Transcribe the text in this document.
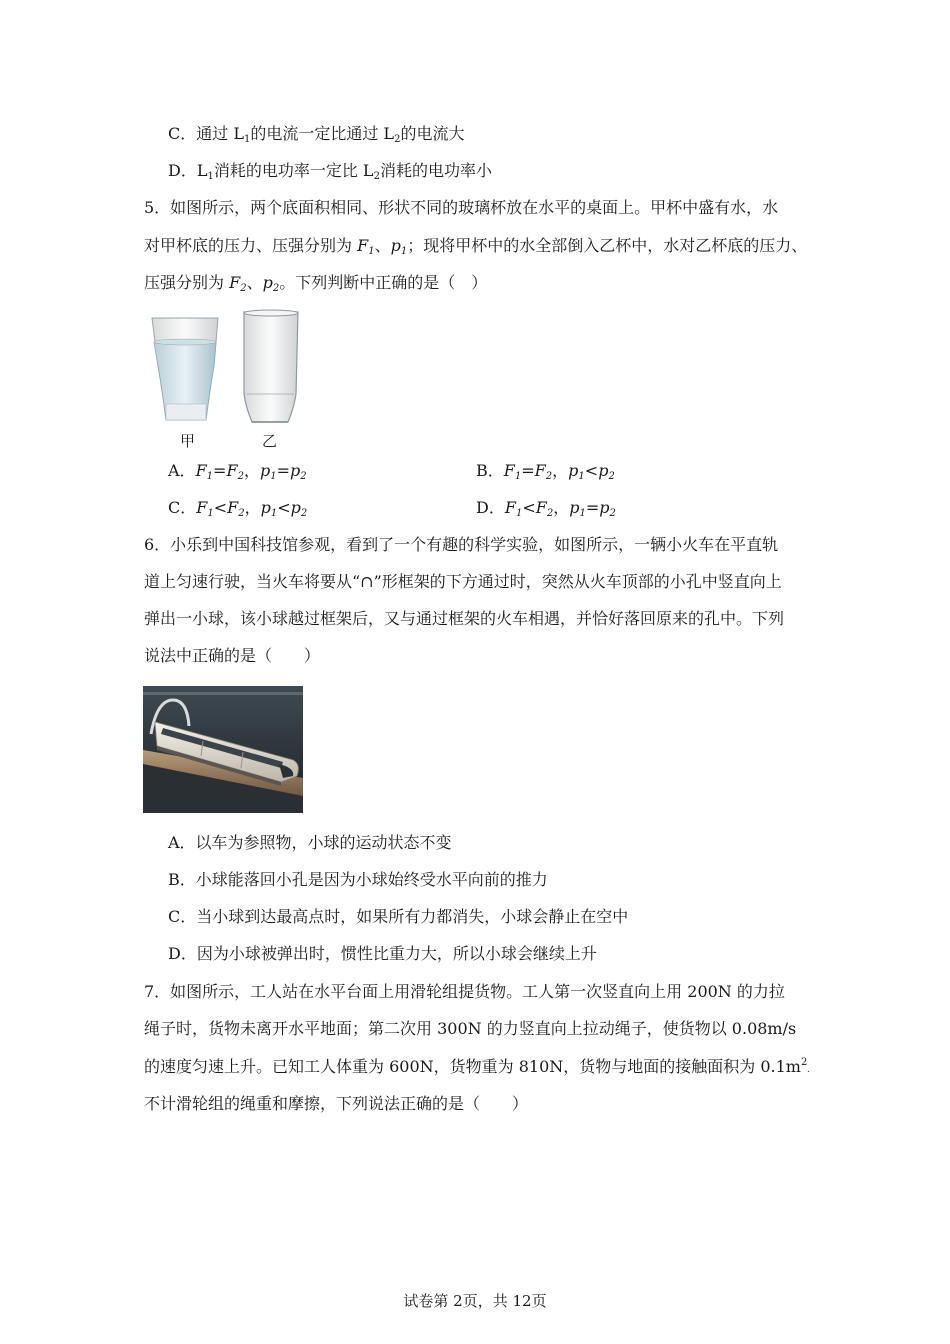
C．通过 $L_1$的电流一定比通过 $L_2$的电流大
D．$L_1$消耗的电功率一定比 $L_2$消耗的电功率小
5．如图所示，两个底面积相同、形状不同的玻璃杯放在水平的桌面上。甲杯中盛有水，水
对甲杯底的压力、压强分别为 $F_1$、$p_1$；现将甲杯中的水全部倒入乙杯中，水对乙杯底的压力、
压强分别为 $F_2$、$p_2$。下列判断中正确的是（　）
甲	乙
A．$F_1=F_2$，$p_1=p_2$	B．$F_1=F_2$，$p_1<p_2$
C．$F_1<F_2$，$p_1<p_2$	D．$F_1<F_2$，$p_1=p_2$
6．小乐到中国科技馆参观，看到了一个有趣的科学实验，如图所示，一辆小火车在平直轨
道上匀速行驶，当火车将要从“∩”形框架的下方通过时，突然从火车顶部的小孔中竖直向上
弹出一小球，该小球越过框架后，又与通过框架的火车相遇，并恰好落回原来的孔中。下列
说法中正确的是（　　）
A．以车为参照物，小球的运动状态不变
B．小球能落回小孔是因为小球始终受水平向前的推力
C．当小球到达最高点时，如果所有力都消失，小球会静止在空中
D．因为小球被弹出时，惯性比重力大，所以小球会继续上升
7．如图所示，工人站在水平台面上用滑轮组提货物。工人第一次竖直向上用 200N 的力拉
绳子时，货物未离开水平地面；第二次用 300N 的力竖直向上拉动绳子，使货物以 0.08m/s
的速度匀速上升。已知工人体重为 600N，货物重为 810N，货物与地面的接触面积为 $0.1m^2$.
不计滑轮组的绳重和摩擦，下列说法正确的是（　　）
试卷第 2页，共 12页
